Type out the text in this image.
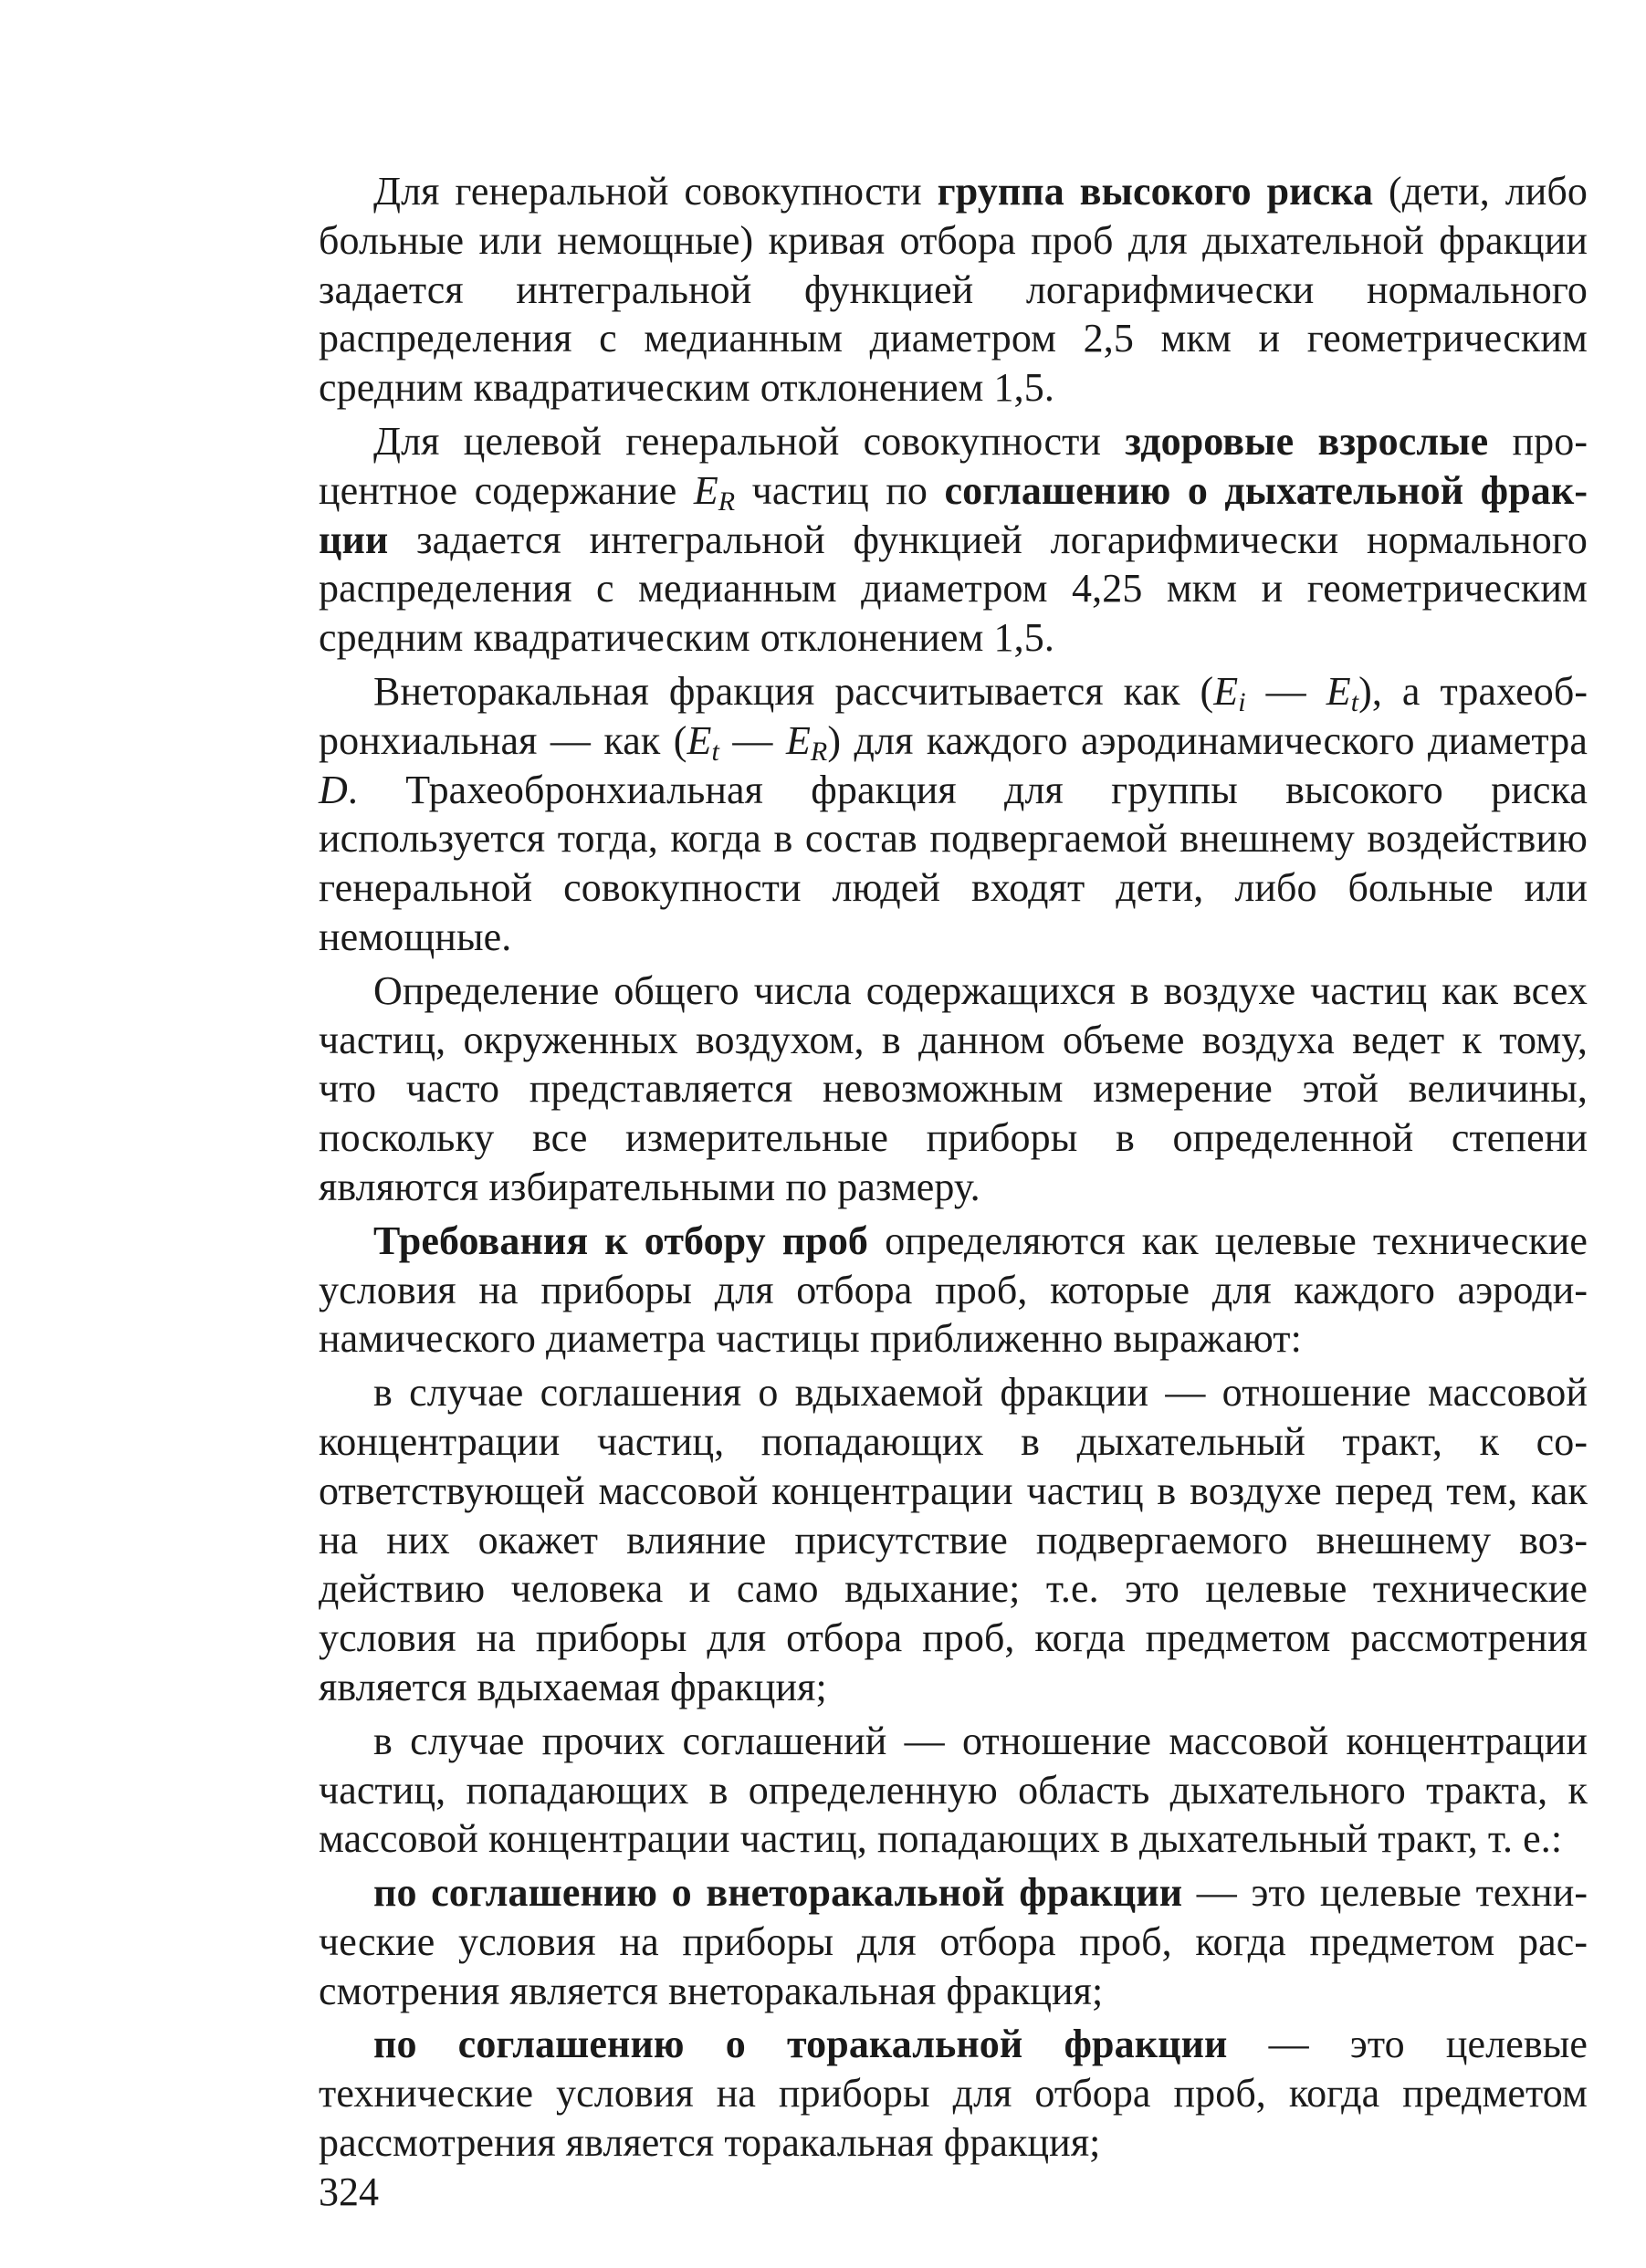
Для генеральной совокупности группа высокого риска (дети, либо больные или немощные) кривая отбора проб для дыхательной фракции задается интегральной функцией логарифмически нормального распределения с медианным диаметром 2,5 мкм и геометрическим средним квадратическим отклонением 1,5.

Для целевой генеральной совокупности здоровые взрослые процентное содержание $E_R$ частиц по соглашению о дыхательной фракции задается интегральной функцией логарифмически нормального распределения с медианным диаметром 4,25 мкм и геометрическим средним квадратическим отклонением 1,5.

Внеторакальная фракция рассчитывается как ($E_i$ — $E_t$), а трахеобронхиальная — как ($E_t$ — $E_R$) для каждого аэродинамического диаметра D. Трахеобронхиальная фракция для группы высокого риска используется тогда, когда в состав подвергаемой внешнему воздействию генеральной совокупности людей входят дети, либо больные или немощные.

Определение общего числа содержащихся в воздухе частиц как всех частиц, окруженных воздухом, в данном объеме воздуха ведет к тому, что часто представляется невозможным измерение этой величины, поскольку все измерительные приборы в определенной степени являются избирательными по размеру.

Требования к отбору проб определяются как целевые технические условия на приборы для отбора проб, которые для каждого аэродинамического диаметра частицы приближенно выражают:

в случае соглашения о вдыхаемой фракции — отношение массовой концентрации частиц, попадающих в дыхательный тракт, к соответствующей массовой концентрации частиц в воздухе перед тем, как на них окажет влияние присутствие подвергаемого внешнему воздействию человека и само вдыхание; т.е. это целевые технические условия на приборы для отбора проб, когда предметом рассмотрения является вдыхаемая фракция;

в случае прочих соглашений — отношение массовой концентрации частиц, попадающих в определенную область дыхательного тракта, к массовой концентрации частиц, попадающих в дыхательный тракт, т. е.:

по соглашению о внеторакальной фракции — это целевые технические условия на приборы для отбора проб, когда предметом рассмотрения является внеторакальная фракция;

по соглашению о торакальной фракции — это целевые технические условия на приборы для отбора проб, когда предметом рассмотрения является торакальная фракция;

324
